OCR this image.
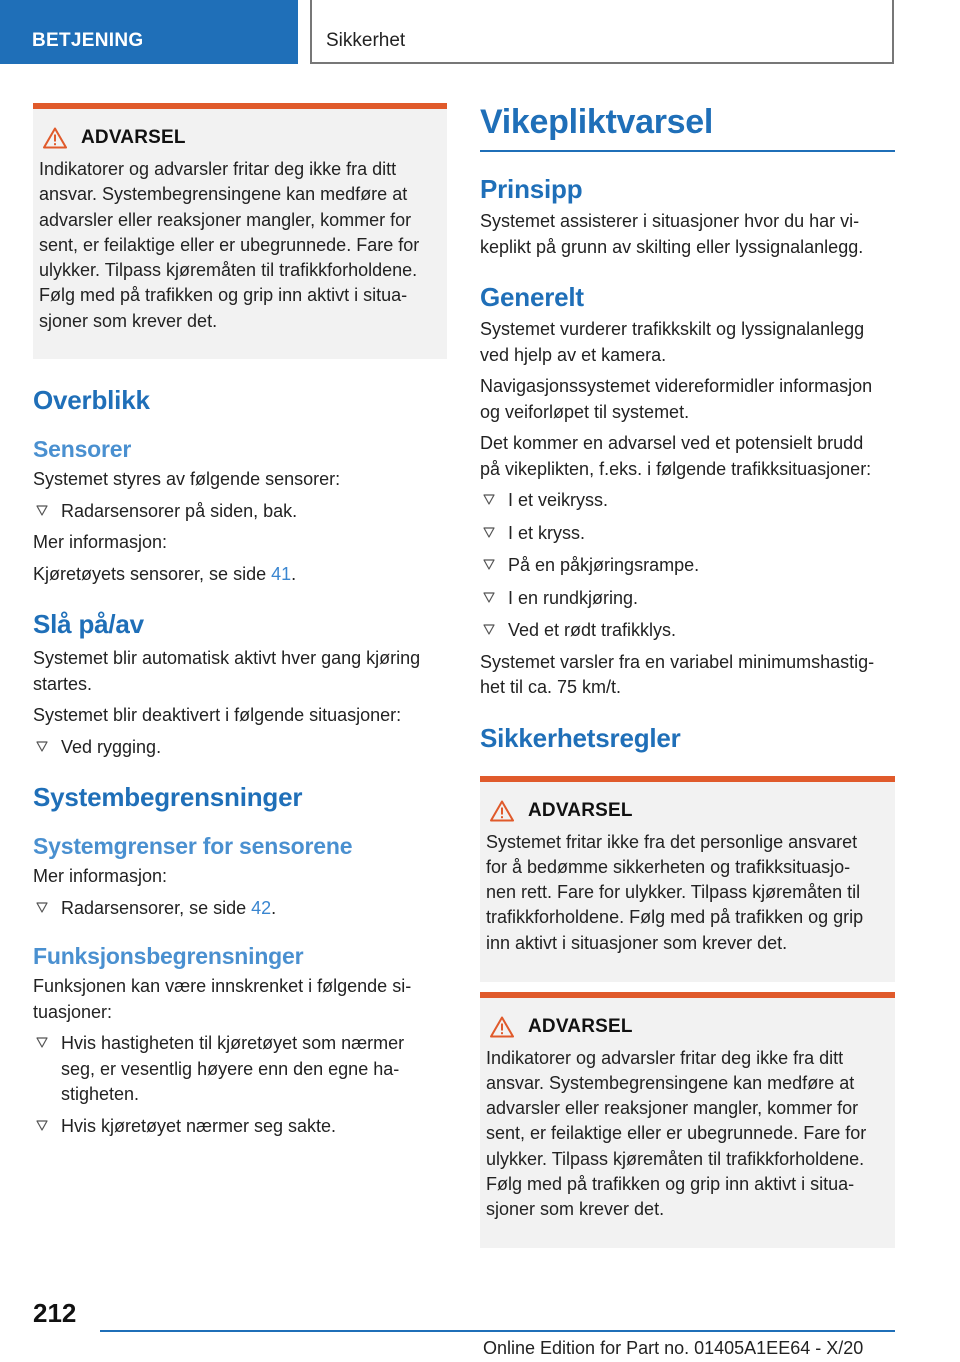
BETJENING	Sikkerhet
ADVARSEL
Indikatorer og advarsler fritar deg ikke fra ditt
ansvar. Systembegrensingene kan medføre at
advarsler eller reaksjoner mangler, kommer for
sent, er feilaktige eller er ubegrunnede. Fare for
ulykker. Tilpass kjøremåten til trafikkforholdene.
Følg med på trafikken og grip inn aktivt i situa-
sjoner som krever det.
Overblikk
Sensorer

Systemet styres av følgende sensorer:

Radarsensorer på siden, bak.

Mer informasjon:

Kjøretøyets sensorer, se side 41.

Slå på/av

Systemet blir automatisk aktivt hver gang kjøring
startes.

Systemet blir deaktivert i følgende situasjoner:

Ved rygging.
Systembegrensninger
Systemgrenser for sensorene

Mer informasjon:

Radarsensorer, se side 42.
Funksjonsbegrensninger

Funksjonen kan være innskrenket i følgende si-
tuasjoner:

Hvis hastigheten til kjøretøyet som nærmer
seg, er vesentlig høyere enn den egne ha-
stigheten.
Hvis kjøretøyet nærmer seg sakte.
Vikepliktvarsel
Prinsipp

Systemet assisterer i situasjoner hvor du har vi-
keplikt på grunn av skilting eller lyssignalanlegg.

Generelt

Systemet vurderer trafikkskilt og lyssignalanlegg
ved hjelp av et kamera.

Navigasjonssystemet videreformidler informasjon
og veiforløpet til systemet.

Det kommer en advarsel ved et potensielt brudd
på vikeplikten, f.eks. i følgende trafikksituasjoner:

I et veikryss.
I et kryss.
På en påkjøringsrampe.
I en rundkjøring.
Ved et rødt trafikklys.

Systemet varsler fra en variabel minimumshastig-
het til ca. 75 km/t.

Sikkerhetsregler
ADVARSEL
Systemet fritar ikke fra det personlige ansvaret
for å bedømme sikkerheten og trafikksituasjo-
nen rett. Fare for ulykker. Tilpass kjøremåten til
trafikkforholdene. Følg med på trafikken og grip
inn aktivt i situasjoner som krever det.
ADVARSEL
Indikatorer og advarsler fritar deg ikke fra ditt
ansvar. Systembegrensingene kan medføre at
advarsler eller reaksjoner mangler, kommer for
sent, er feilaktige eller er ubegrunnede. Fare for
ulykker. Tilpass kjøremåten til trafikkforholdene.
Følg med på trafikken og grip inn aktivt i situa-
sjoner som krever det.
212
Online Edition for Part no. 01405A1EE64 - X/20
